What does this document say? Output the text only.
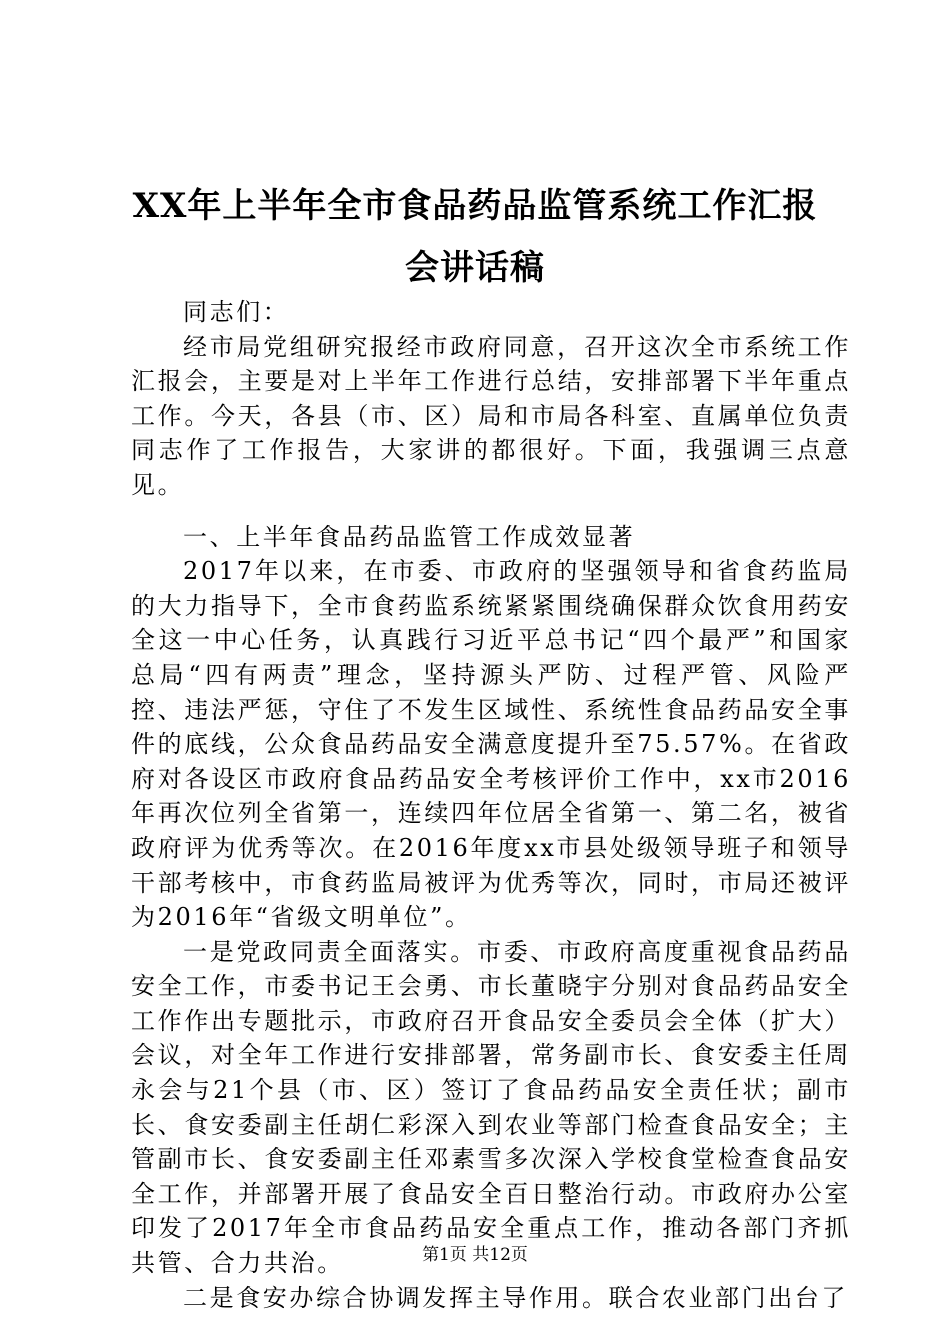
XX年上半年全市食品药品监管系统工作汇报
会讲话稿

同志们：

经市局党组研究报经市政府同意，召开这次全市系统工作汇报会，主要是对上半年工作进行总结，安排部署下半年重点工作。今天，各县（市、区）局和市局各科室、直属单位负责同志作了工作报告，大家讲的都很好。下面，我强调三点意见。

一、上半年食品药品监管工作成效显著

2017年以来，在市委、市政府的坚强领导和省食药监局的大力指导下，全市食药监系统紧紧围绕确保群众饮食用药安全这一中心任务，认真践行习近平总书记“四个最严”和国家总局“四有两责”理念，坚持源头严防、过程严管、风险严控、违法严惩，守住了不发生区域性、系统性食品药品安全事件的底线，公众食品药品安全满意度提升至75.57%。在省政府对各设区市政府食品药品安全考核评价工作中，xx市2016年再次位列全省第一，连续四年位居全省第一、第二名，被省政府评为优秀等次。在2016年度xx市县处级领导班子和领导干部考核中，市食药监局被评为优秀等次，同时，市局还被评为2016年“省级文明单位”。

一是党政同责全面落实。市委、市政府高度重视食品药品安全工作，市委书记王会勇、市长董晓宇分别对食品药品安全工作作出专题批示，市政府召开食品安全委员会全体（扩大）会议，对全年工作进行安排部署，常务副市长、食安委主任周永会与21个县（市、区）签订了食品药品安全责任状；副市长、食安委副主任胡仁彩深入到农业等部门检查食品安全；主管副市长、食安委副主任邓素雪多次深入学校食堂检查食品安全工作，并部署开展了食品安全百日整治行动。市政府办公室印发了2017年全市食品药品安全重点工作，推动各部门齐抓共管、合力共治。

二是食安办综合协调发挥主导作用。联合农业部门出台了

第1页 共12页
